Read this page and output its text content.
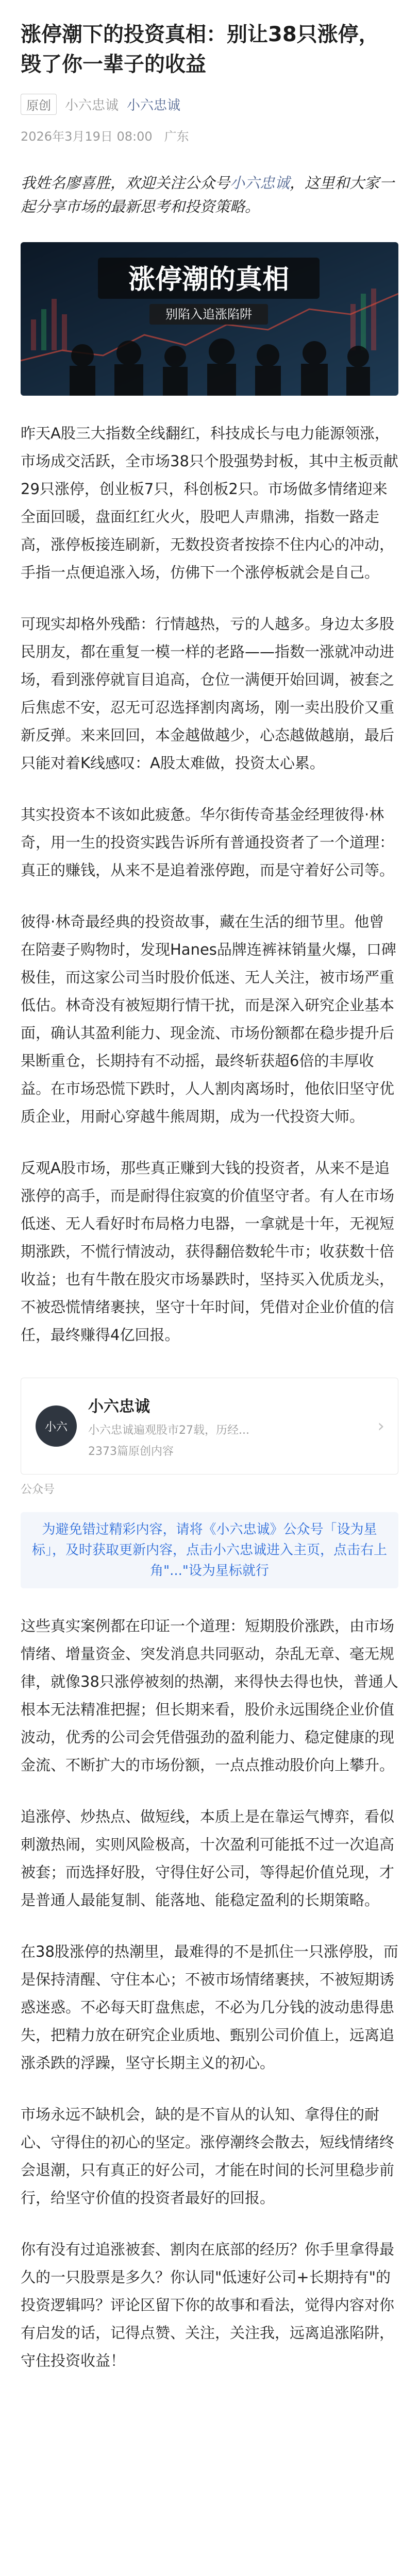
涨停潮下的投资真相：别让38只涨停，毁了你一辈子的收益
原创	小六忠诚 小六忠诚
2026年3月19日 08:00 广东
我姓名廖喜胜，欢迎关注公众号小六忠诚，这里和大家一起分享市场的最新思考和投资策略。
涨停潮的真相
别陷入追涨陷阱

昨天A股三大指数全线翻红，科技成长与电力能源领涨，市场成交活跃，全市场38只个股强势封板，其中主板贡献29只涨停，创业板7只，科创板2只。市场做多情绪迎来全面回暖，盘面红红火火，股吧人声鼎沸，指数一路走高，涨停板接连刷新，无数投资者按捺不住内心的冲动，手指一点便追涨入场，仿佛下一个涨停板就会是自己。

可现实却格外残酷：行情越热，亏的人越多。身边太多股民朋友，都在重复一模一样的老路——指数一涨就冲动进场，看到涨停就盲目追高，仓位一满便开始回调，被套之后焦虑不安，忍无可忍选择割肉离场，刚一卖出股价又重新反弹。来来回回，本金越做越少，心态越做越崩，最后只能对着K线感叹：A股太难做，投资太心累。

其实投资本不该如此疲惫。华尔街传奇基金经理彼得·林奇，用一生的投资实践告诉所有普通投资者了一个道理：真正的赚钱，从来不是追着涨停跑，而是守着好公司等。

彼得·林奇最经典的投资故事，藏在生活的细节里。他曾在陪妻子购物时，发现Hanes品牌连裤袜销量火爆，口碑极佳，而这家公司当时股价低迷、无人关注，被市场严重低估。林奇没有被短期行情干扰，而是深入研究企业基本面，确认其盈利能力、现金流、市场份额都在稳步提升后果断重仓，长期持有不动摇，最终斩获超6倍的丰厚收益。在市场恐慌下跌时，人人割肉离场时，他依旧坚守优质企业，用耐心穿越牛熊周期，成为一代投资大师。

反观A股市场，那些真正赚到大钱的投资者，从来不是追涨停的高手，而是耐得住寂寞的价值坚守者。有人在市场低迷、无人看好时布局格力电器，一拿就是十年，无视短期涨跌，不慌行情波动，获得翻倍数轮牛市；收获数十倍收益；也有牛散在股灾市场暴跌时，坚持买入优质龙头，不被恐慌情绪裹挟，坚守十年时间，凭借对企业价值的信任，最终赚得4亿回报。

小六
小六忠诚
小六忠诚遍观股市27载，历经...
2373篇原创内容
›
公众号
为避免错过精彩内容，请将《小六忠诚》公众号「设为星标」，及时获取更新内容，点击小六忠诚进入主页，点击右上角"..."设为星标就行

这些真实案例都在印证一个道理：短期股价涨跌，由市场情绪、增量资金、突发消息共同驱动，杂乱无章、毫无规律，就像38只涨停被刻的热潮，来得快去得也快，普通人根本无法精准把握；但长期来看，股价永远围绕企业价值波动，优秀的公司会凭借强劲的盈利能力、稳定健康的现金流、不断扩大的市场份额，一点点推动股价向上攀升。

追涨停、炒热点、做短线，本质上是在靠运气博弈，看似刺激热闹，实则风险极高，十次盈利可能抵不过一次追高被套；而选择好股，守得住好公司，等得起价值兑现，才是普通人最能复制、能落地、能稳定盈利的长期策略。

在38股涨停的热潮里，最难得的不是抓住一只涨停股，而是保持清醒、守住本心；不被市场情绪裹挟，不被短期诱惑迷惑。不必每天盯盘焦虑，不必为几分钱的波动患得患失，把精力放在研究企业质地、甄别公司价值上，远离追涨杀跌的浮躁，坚守长期主义的初心。

市场永远不缺机会，缺的是不盲从的认知、拿得住的耐心、守得住的初心的坚定。涨停潮终会散去，短线情绪终会退潮，只有真正的好公司，才能在时间的长河里稳步前行，给坚守价值的投资者最好的回报。

你有没有过追涨被套、割肉在底部的经历？你手里拿得最久的一只股票是多久？你认同"低速好公司+长期持有"的投资逻辑吗？评论区留下你的故事和看法，觉得内容对你有启发的话，记得点赞、关注，关注我，远离追涨陷阱，守住投资收益！
